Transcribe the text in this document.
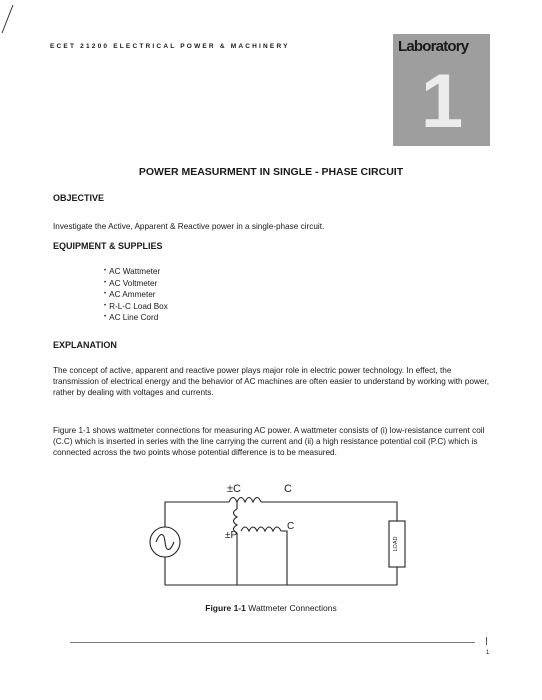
ECET 21200 ELECTRICAL POWER & MACHINERY	Laboratory
1
POWER MEASURMENT IN SINGLE - PHASE CIRCUIT
OBJECTIVE
Investigate the Active, Apparent & Reactive power in a single-phase circuit.
EQUIPMENT & SUPPLIES
• AC Wattmeter
• AC Voltmeter
• AC Ammeter
• R-L-C Load Box
• AC Line Cord
EXPLANATION
The concept of active, apparent and reactive power plays major role in electric power technology. In effect, the transmission of electrical energy and the behavior of AC machines are often easier to understand by working with power, rather by dealing with voltages and currents.
Figure 1-1 shows wattmeter connections for measuring AC power. A wattmeter consists of (i) low-resistance current coil (C.C) which is inserted in series with the line carrying the current and (ii) a high resistance potential coil (P.C) which is connected across the two points whose potential difference is to be measured.
LOAD
±C	C
±P
C
Figure 1-1 Wattmeter Connections
1
